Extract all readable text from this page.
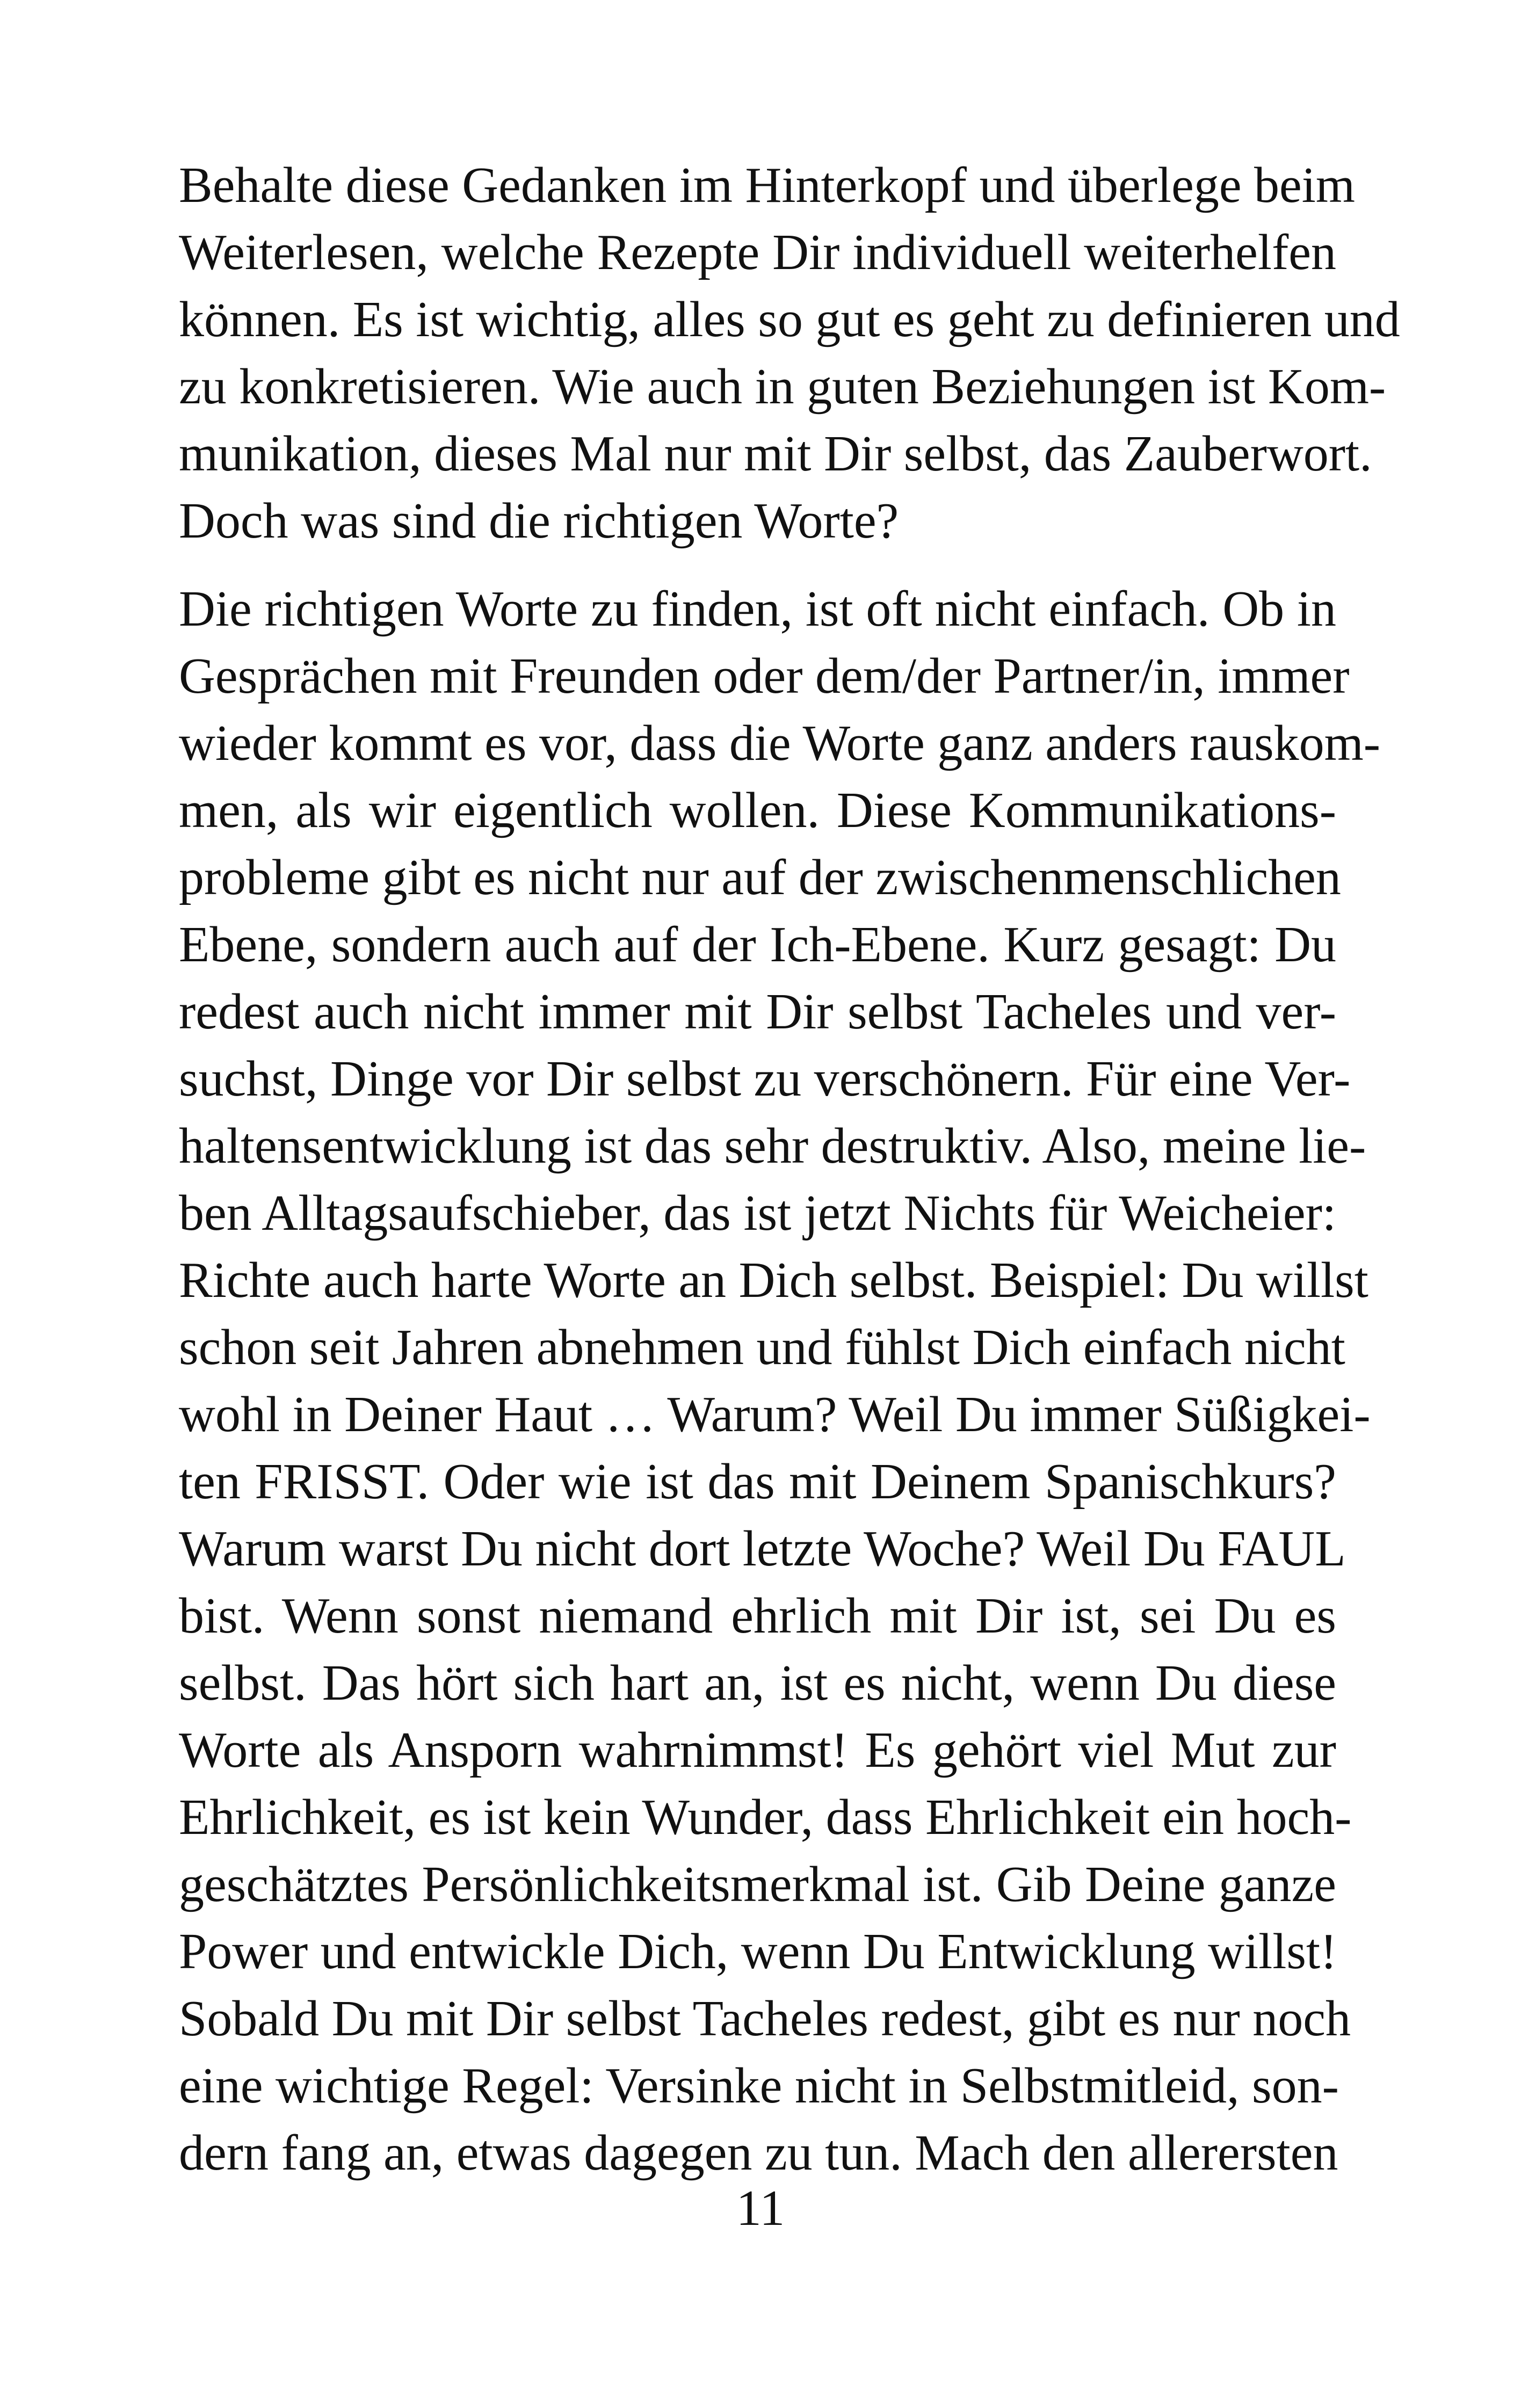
Behalte diese Gedanken im Hinterkopf und überlege beim
Weiterlesen, welche Rezepte Dir individuell weiterhelfen
können. Es ist wichtig, alles so gut es geht zu definieren und
zu konkretisieren. Wie auch in guten Beziehungen ist Kom-
munikation, dieses Mal nur mit Dir selbst, das Zauberwort.
Doch was sind die richtigen Worte?

Die richtigen Worte zu finden, ist oft nicht einfach. Ob in
Gesprächen mit Freunden oder dem/der Partner/in, immer
wieder kommt es vor, dass die Worte ganz anders rauskom-
men, als wir eigentlich wollen. Diese Kommunikations-
probleme gibt es nicht nur auf der zwischenmenschlichen
Ebene, sondern auch auf der Ich-Ebene. Kurz gesagt: Du
redest auch nicht immer mit Dir selbst Tacheles und ver-
suchst, Dinge vor Dir selbst zu verschönern. Für eine Ver-
haltensentwicklung ist das sehr destruktiv. Also, meine lie-
ben Alltagsaufschieber, das ist jetzt Nichts für Weicheier:
Richte auch harte Worte an Dich selbst. Beispiel: Du willst
schon seit Jahren abnehmen und fühlst Dich einfach nicht
wohl in Deiner Haut … Warum? Weil Du immer Süßigkei-
ten FRISST. Oder wie ist das mit Deinem Spanischkurs?
Warum warst Du nicht dort letzte Woche? Weil Du FAUL
bist. Wenn sonst niemand ehrlich mit Dir ist, sei Du es
selbst. Das hört sich hart an, ist es nicht, wenn Du diese
Worte als Ansporn wahrnimmst! Es gehört viel Mut zur
Ehrlichkeit, es ist kein Wunder, dass Ehrlichkeit ein hoch-
geschätztes Persönlichkeitsmerkmal ist. Gib Deine ganze
Power und entwickle Dich, wenn Du Entwicklung willst!
Sobald Du mit Dir selbst Tacheles redest, gibt es nur noch
eine wichtige Regel: Versinke nicht in Selbstmitleid, son-
dern fang an, etwas dagegen zu tun. Mach den allerersten

11
